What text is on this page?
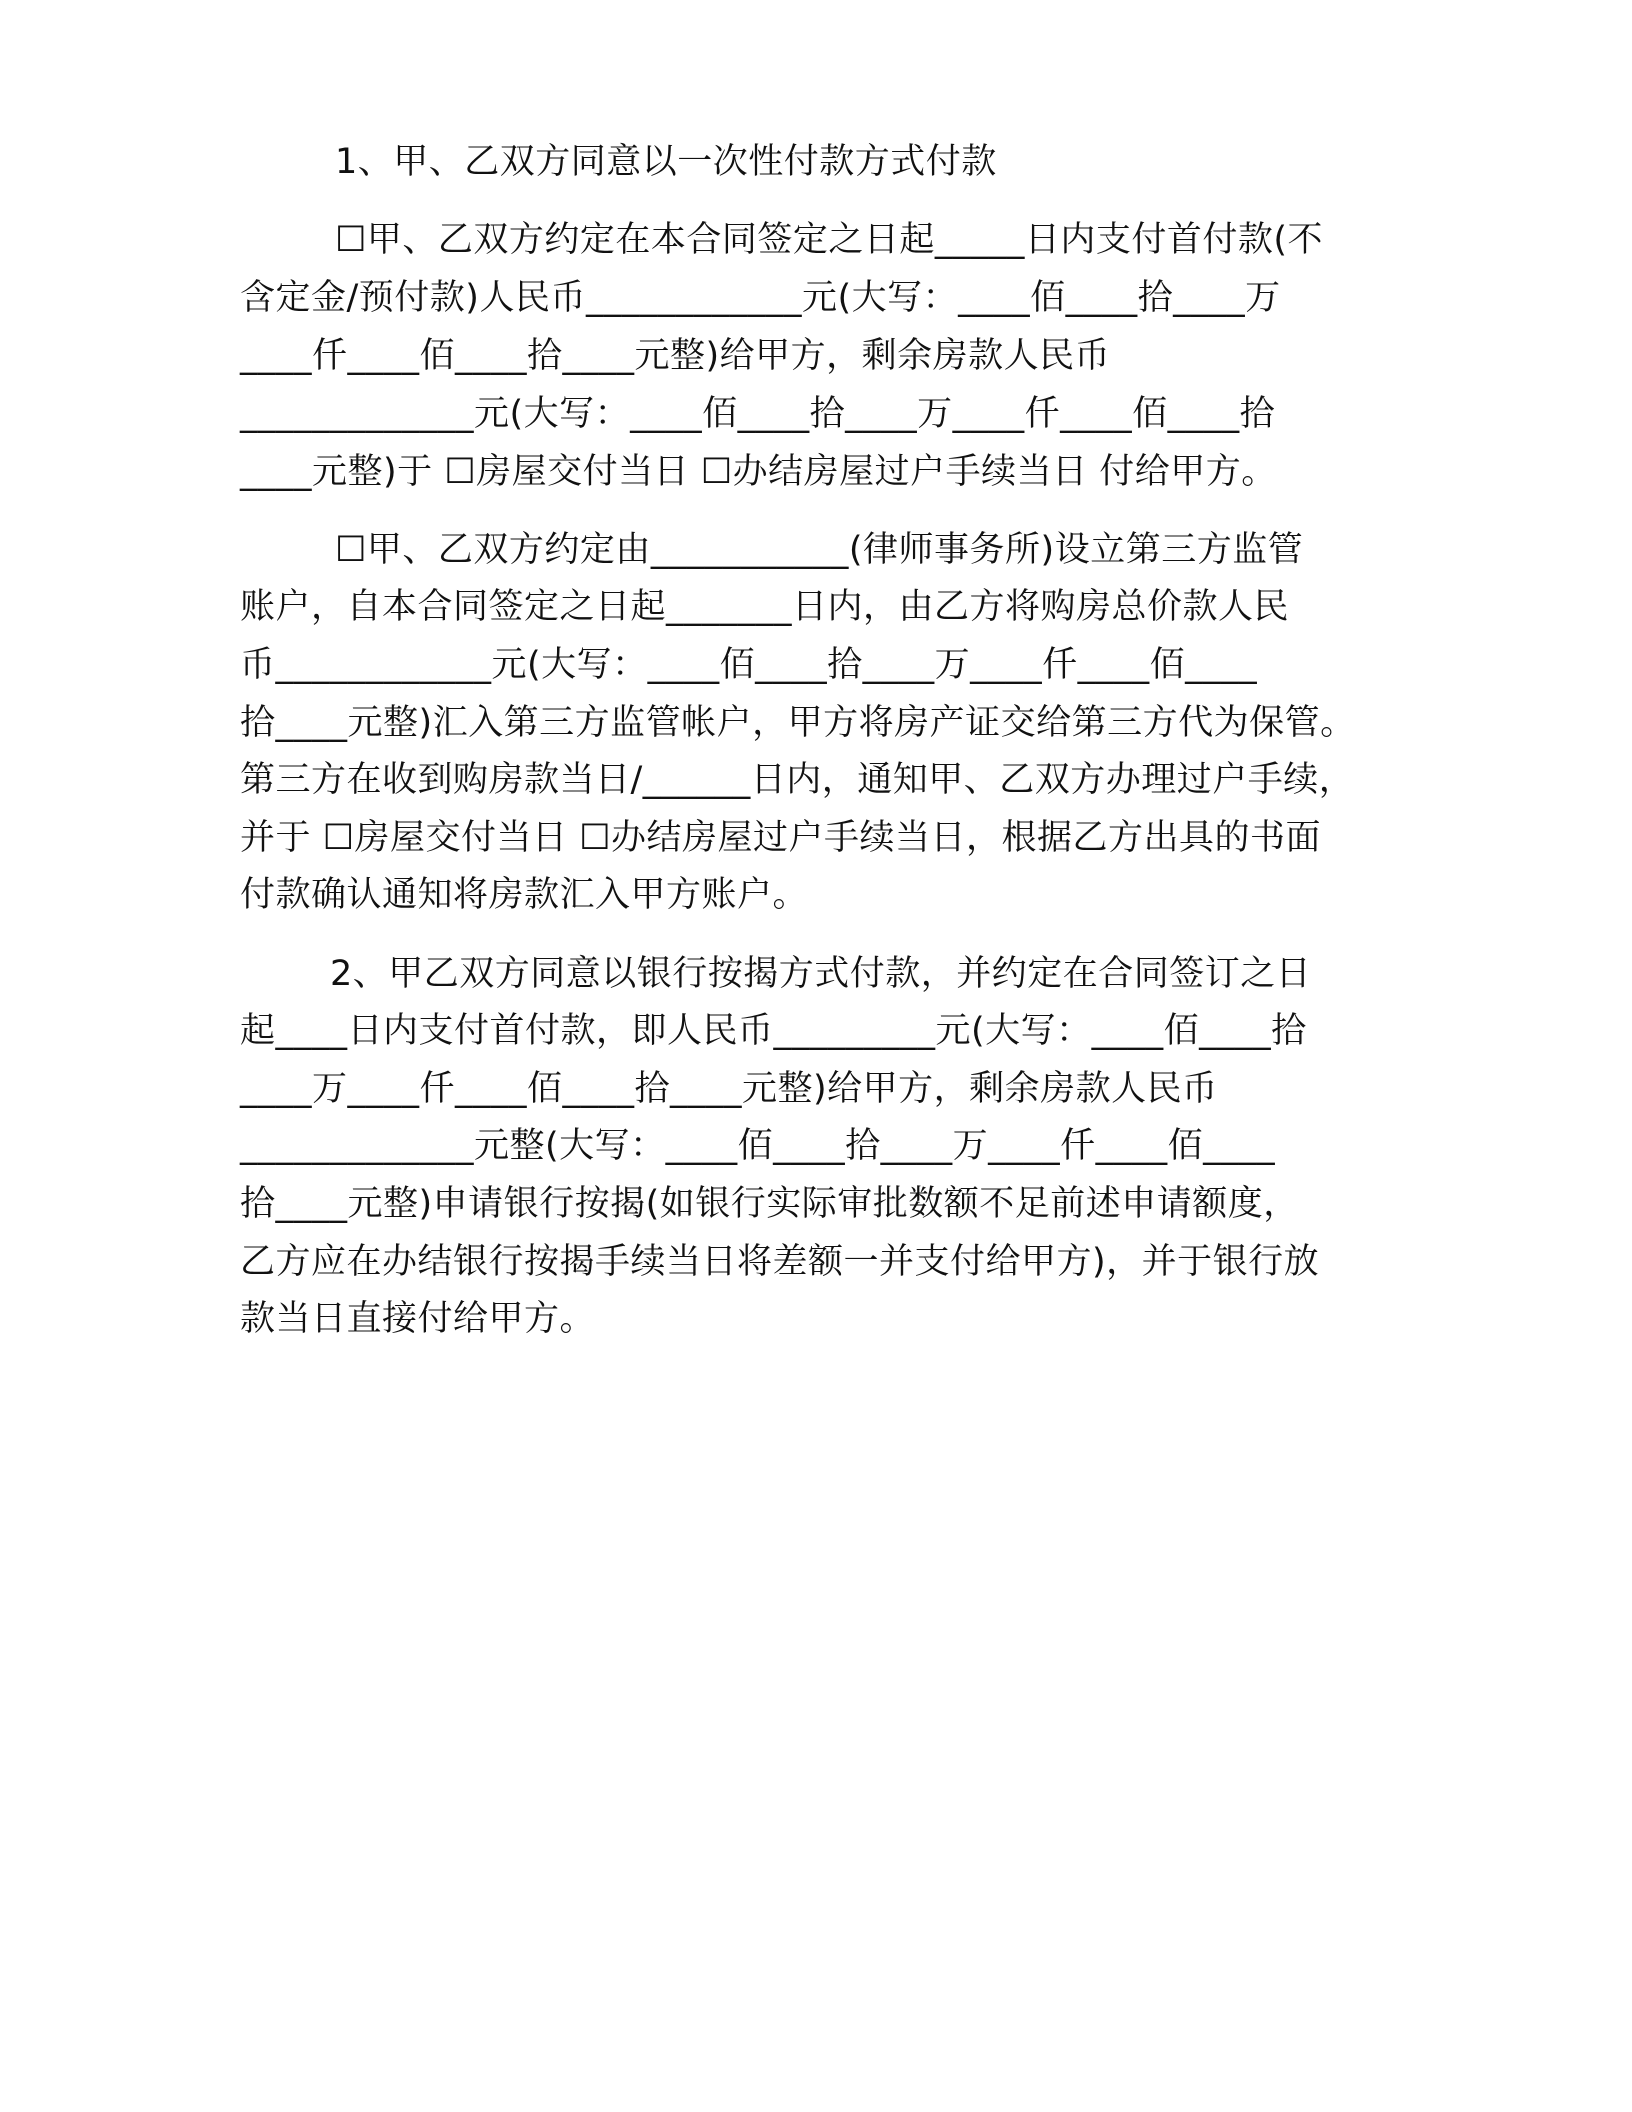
1、甲、乙双方同意以一次性付款方式付款
☐甲、乙双方约定在本合同签定之日起_____日内支付首付款(不
含定金/预付款)人民币____________元(大写：____佰____拾____万
____仟____佰____拾____元整)给甲方，剩余房款人民币
_____________元(大写：____佰____拾____万____仟____佰____拾
____元整)于 ☐房屋交付当日 ☐办结房屋过户手续当日 付给甲方。
☐甲、乙双方约定由___________(律师事务所)设立第三方监管
账户，自本合同签定之日起_______日内，由乙方将购房总价款人民
币____________元(大写：____佰____拾____万____仟____佰____
拾____元整)汇入第三方监管帐户，甲方将房产证交给第三方代为保管。
第三方在收到购房款当日/______日内，通知甲、乙双方办理过户手续，
并于 ☐房屋交付当日 ☐办结房屋过户手续当日，根据乙方出具的书面
付款确认通知将房款汇入甲方账户。
2、甲乙双方同意以银行按揭方式付款，并约定在合同签订之日
起____日内支付首付款，即人民币_________元(大写：____佰____拾
____万____仟____佰____拾____元整)给甲方，剩余房款人民币
_____________元整(大写：____佰____拾____万____仟____佰____
拾____元整)申请银行按揭(如银行实际审批数额不足前述申请额度，
乙方应在办结银行按揭手续当日将差额一并支付给甲方)，并于银行放
款当日直接付给甲方。
